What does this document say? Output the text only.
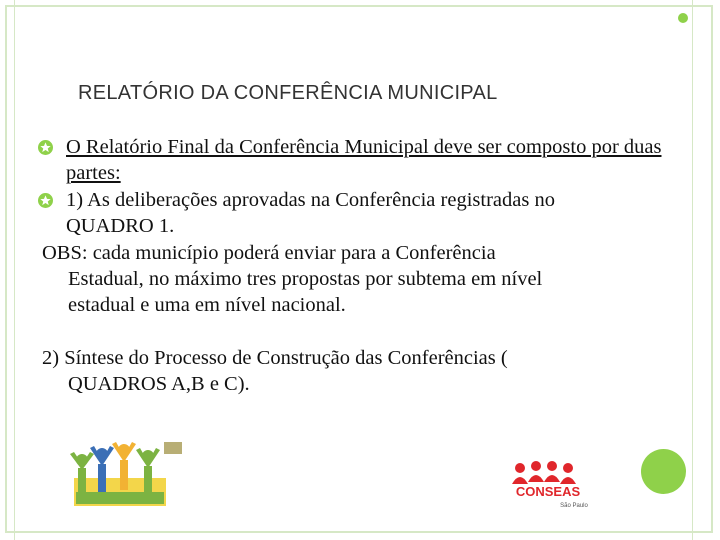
RELATÓRIO DA CONFERÊNCIA MUNICIPAL
O Relatório Final da Conferência Municipal deve ser composto por duas partes:
1) As deliberações aprovadas na Conferência registradas no
QUADRO 1.
OBS: cada município poderá enviar para a Conferência
Estadual, no máximo tres propostas por subtema em nível
estadual e uma em nível nacional.
2) Síntese do Processo de Construção das Conferências (
QUADROS A,B e C).
CONSEAS
São Paulo
